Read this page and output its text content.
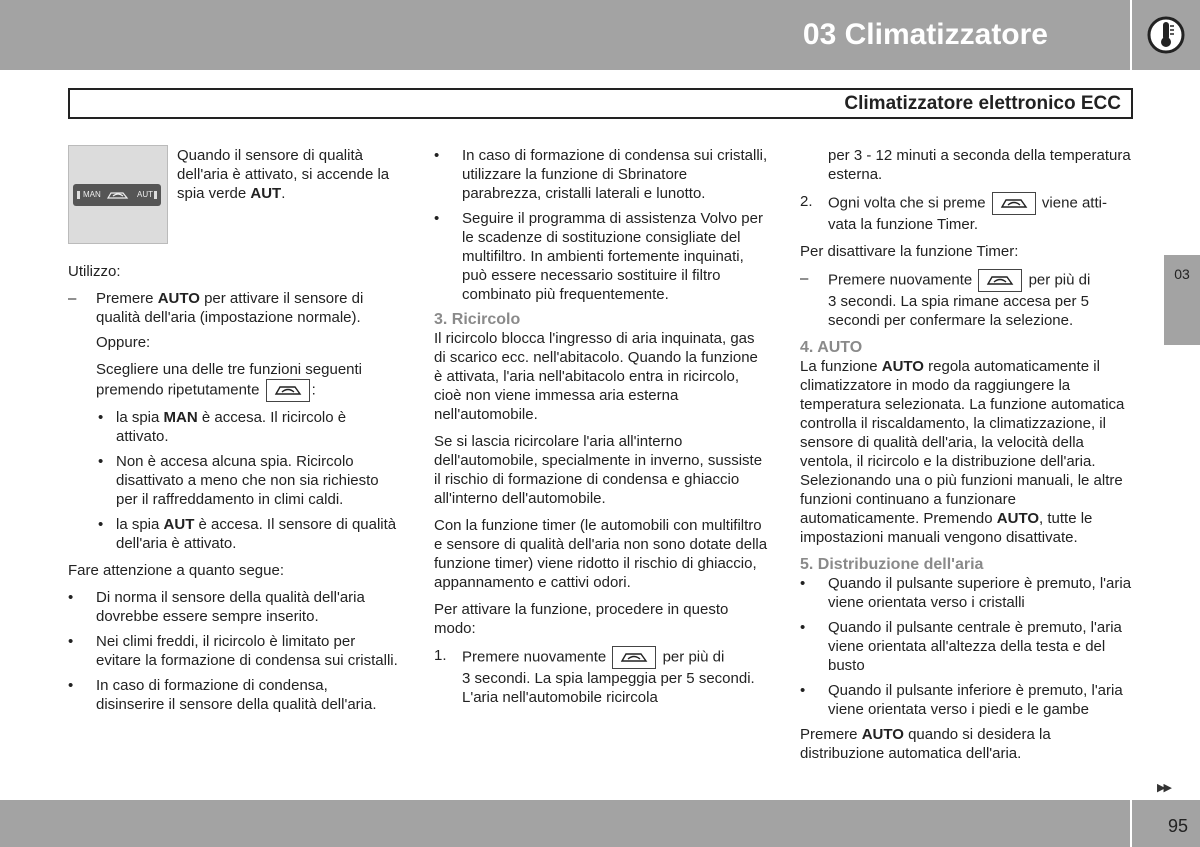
03 Climatizzatore
Climatizzatore elettronico ECC
03
MAN	AUT
Quando il sensore di qualità
dell'aria è attivato, si accende la
spia verde AUT.

Utilizzo:

– Premere AUTO per attivare il sensore di qualità dell'aria (impostazione normale).

Oppure:

Scegliere una delle tre funzioni seguenti
premendo ripetutamente	:
• la spia MAN è accesa. Il ricircolo è attivato.
• Non è accesa alcuna spia. Ricircolo disattivato a meno che non sia richiesto per il raffreddamento in climi caldi.
• la spia AUT è accesa. Il sensore di qualità dell'aria è attivato.

Fare attenzione a quanto segue:

• Di norma il sensore della qualità dell'aria dovrebbe essere sempre inserito.
• Nei climi freddi, il ricircolo è limitato per evitare la formazione di condensa sui cristalli.
• In caso di formazione di condensa, disinserire il sensore della qualità dell'aria.
• In caso di formazione di condensa sui cristalli, utilizzare la funzione di Sbrinatore parabrezza, cristalli laterali e lunotto.
• Seguire il programma di assistenza Volvo per le scadenze di sostituzione consigliate del multifiltro. In ambienti fortemente inquinati, può essere necessario sostituire il filtro combinato più frequentemente.
3. Ricircolo

Il ricircolo blocca l'ingresso di aria inquinata, gas di scarico ecc. nell'abitacolo. Quando la funzione è attivata, l'aria nell'abitacolo entra in ricircolo, cioè non viene immessa aria esterna nell'automobile.

Se si lascia ricircolare l'aria all'interno dell'automobile, specialmente in inverno, sussiste il rischio di formazione di condensa e ghiaccio all'interno dell'automobile.

Con la funzione timer (le automobili con multifiltro e sensore di qualità dell'aria non sono dotate della funzione timer) viene ridotto il rischio di ghiaccio, appannamento e cattivi odori.

Per attivare la funzione, procedere in questo modo:

1. Premere nuovamente	per più di
3 secondi. La spia lampeggia per 5 secondi. L'aria nell'automobile ricircola

per 3 - 12 minuti a seconda della temperatura esterna.

2. Ogni volta che si preme	viene atti-
vata la funzione Timer.

Per disattivare la funzione Timer:

– Premere nuovamente	per più di
3 secondi. La spia rimane accesa per 5 secondi per confermare la selezione.
4. AUTO

La funzione AUTO regola automaticamente il climatizzatore in modo da raggiungere la temperatura selezionata. La funzione automatica controlla il riscaldamento, la climatizzazione, il sensore di qualità dell'aria, la velocità della ventola, il ricircolo e la distribuzione dell'aria. Selezionando una o più funzioni manuali, le altre funzioni continuano a funzionare automaticamente. Premendo AUTO, tutte le impostazioni manuali vengono disattivate.

5. Distribuzione dell'aria
• Quando il pulsante superiore è premuto, l'aria viene orientata verso i cristalli
• Quando il pulsante centrale è premuto, l'aria viene orientata all'altezza della testa e del busto
• Quando il pulsante inferiore è premuto, l'aria viene orientata verso i piedi e le gambe

Premere AUTO quando si desidera la distribuzione automatica dell'aria.

▶▶
95
